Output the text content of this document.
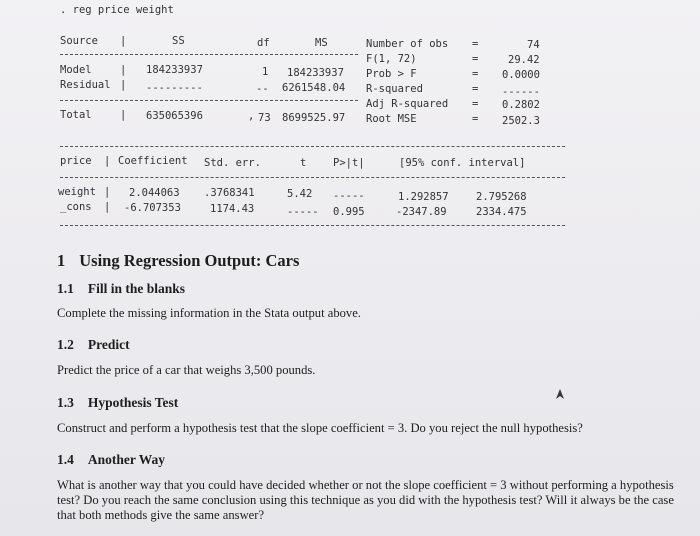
. reg price weight
Source |	SS	df	MS
Model	| 184233937	1 184233937
Residual | ---------	-- 6261548.04
Total	| 635065396	, 73 8699525.97
Number of obs =	74
F(1, 72)	=	29.42
Prob > F	= 0.0000
R-squared	= ------
Adj R-squared = 0.2802
Root MSE	= 2502.3
price | Coefficient Std. err.	t	P>|t|	[95% conf. interval]
weight | 2.044063 .3768341	5.42 -----	1.292857	2.795268
_cons | -6.707353	1174.43	----- 0.995	-2347.89	2334.475
1 Using Regression Output: Cars
1.1 Fill in the blanks
Complete the missing information in the Stata output above.
1.2 Predict
Predict the price of a car that weighs 3,500 pounds.
1.3 Hypothesis Test
Construct and perform a hypothesis test that the slope coefficient = 3. Do you reject the null hypothesis?
1.4 Another Way
What is another way that you could have decided whether or not the slope coefficient = 3 without performing a hypothesis test? Do you reach the same conclusion using this technique as you did with the hypothesis test? Will it always be the case that both methods give the same answer?
